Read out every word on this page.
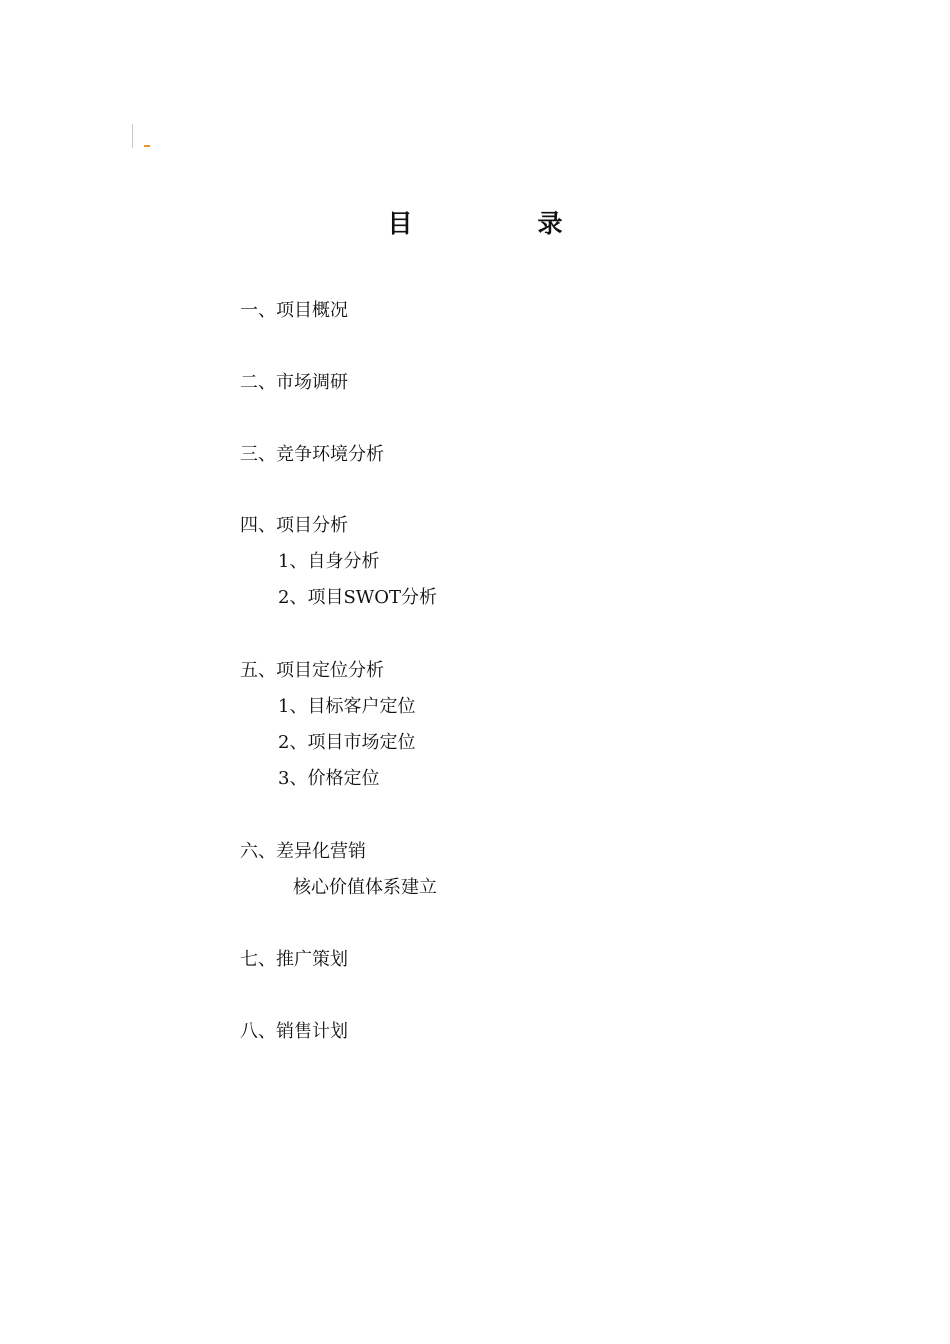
目　录
一、项目概况
二、市场调研
三、竞争环境分析
四、项目分析
1、自身分析
2、项目SWOT分析
五、项目定位分析
1、目标客户定位
2、项目市场定位
3、价格定位
六、差异化营销
核心价值体系建立
七、推广策划
八、销售计划
